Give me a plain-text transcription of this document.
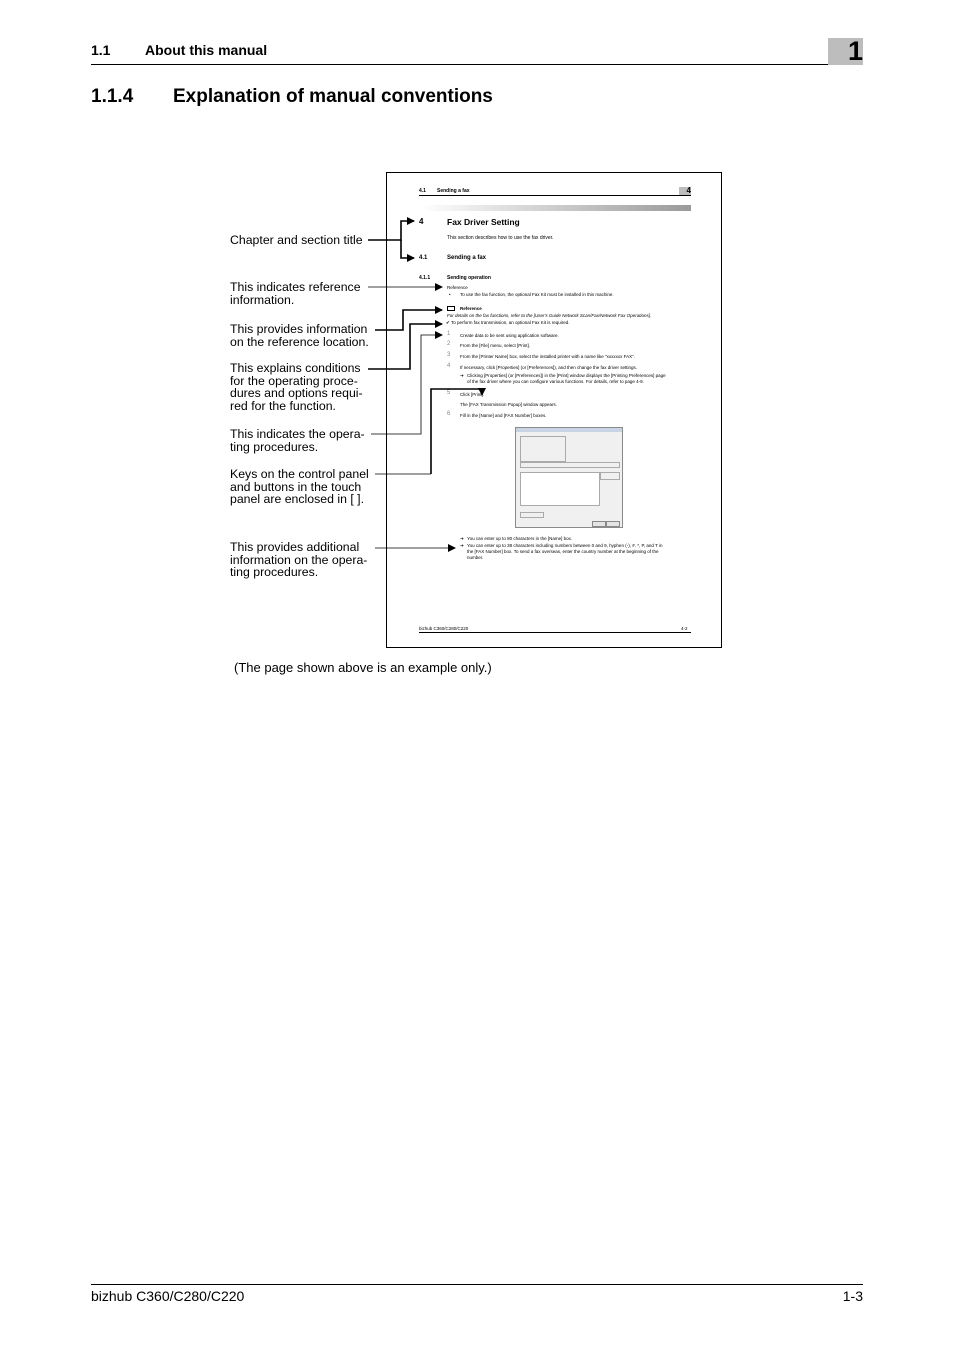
1.1 About this manual	1
1.1.4 Explanation of manual conventions
Chapter and section title
This indicates reference information.
This provides information on the reference location.
This explains conditions for the operating proce-dures and options requi-red for the function.
This indicates the opera-ting procedures.
Keys on the control panel and buttons in the touch panel are enclosed in [ ].
This provides additional information on the opera-ting procedures.
4.1 Sending a fax	4
4	Fax Driver Setting
This section describes how to use the fax driver.
4.1	Sending a fax
4.1.1	Sending operation
Reference
• To use the fax function, the optional Fax Kit must be installed in this machine.
Reference
For details on the fax functions, refer to the [User's Guide Network Scan/Fax/Network Fax Operations].
✔ To perform fax transmission, an optional Fax Kit is required.
1 Create data to be sent using application software.
2 From the [File] menu, select [Print].
3 From the [Printer Name] box, select the installed printer with a name like "xxxxxxx FAX".
4 If necessary, click [Properties] (or [Preferences]), and then change the fax driver settings.
➔ Clicking [Properties] (or [Preferences]) in the [Print] window displays the [Printing Preferences] page
of the fax driver where you can configure various functions. For details, refer to page 4-9.
5 Click [Print].
The [FAX Transmission Popup] window appears.
6 Fill in the [Name] and [FAX Number] boxes.
➔ You can enter up to 80 characters in the [Name] box.
➔ You can enter up to 38 characters including numbers between 0 and 9, hyphen (-), #, *, P, and T in
the [FAX Number] box. To send a fax overseas, enter the country number at the beginning of the
number.
bizhub C360/C280/C220	4-2
(The page shown above is an example only.)
bizhub C360/C280/C220	1-3
